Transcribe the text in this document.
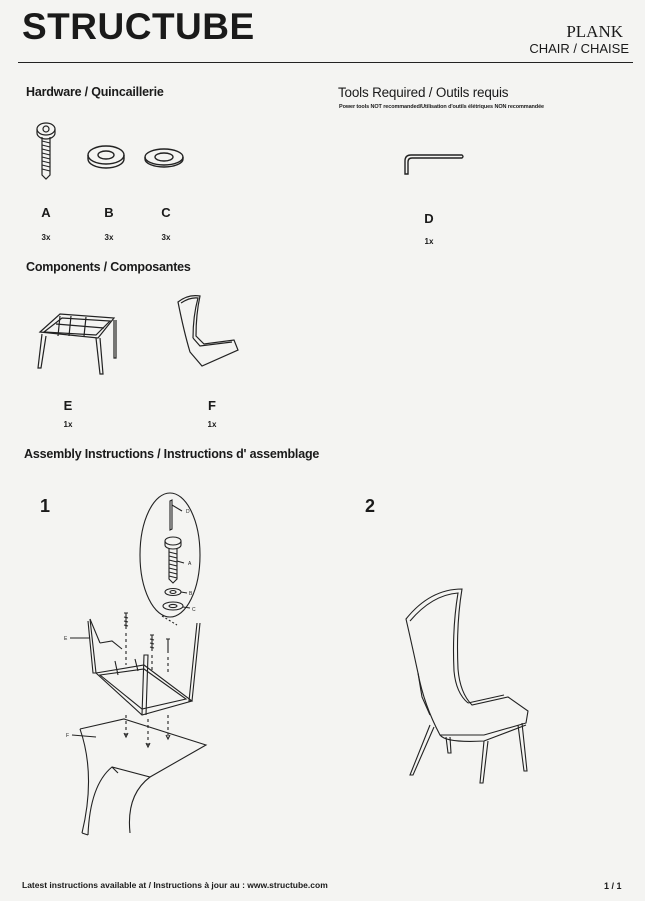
STRUCTUBE	PLANK
CHAIR / CHAISE
Hardware / Quincaillerie
A	B	C
3x	3x	3x
Tools Required / Outils requis
Power tools NOT recommanded/Utilisation d'outils élétriques NON recommandée
D
1x
Components / Composantes
E	F
1x	1x
Assembly Instructions / Instructions d' assemblage
1	2
E
F
D
A
B
C
Latest instructions available at / Instructions à jour au : www.structube.com	1 / 1
